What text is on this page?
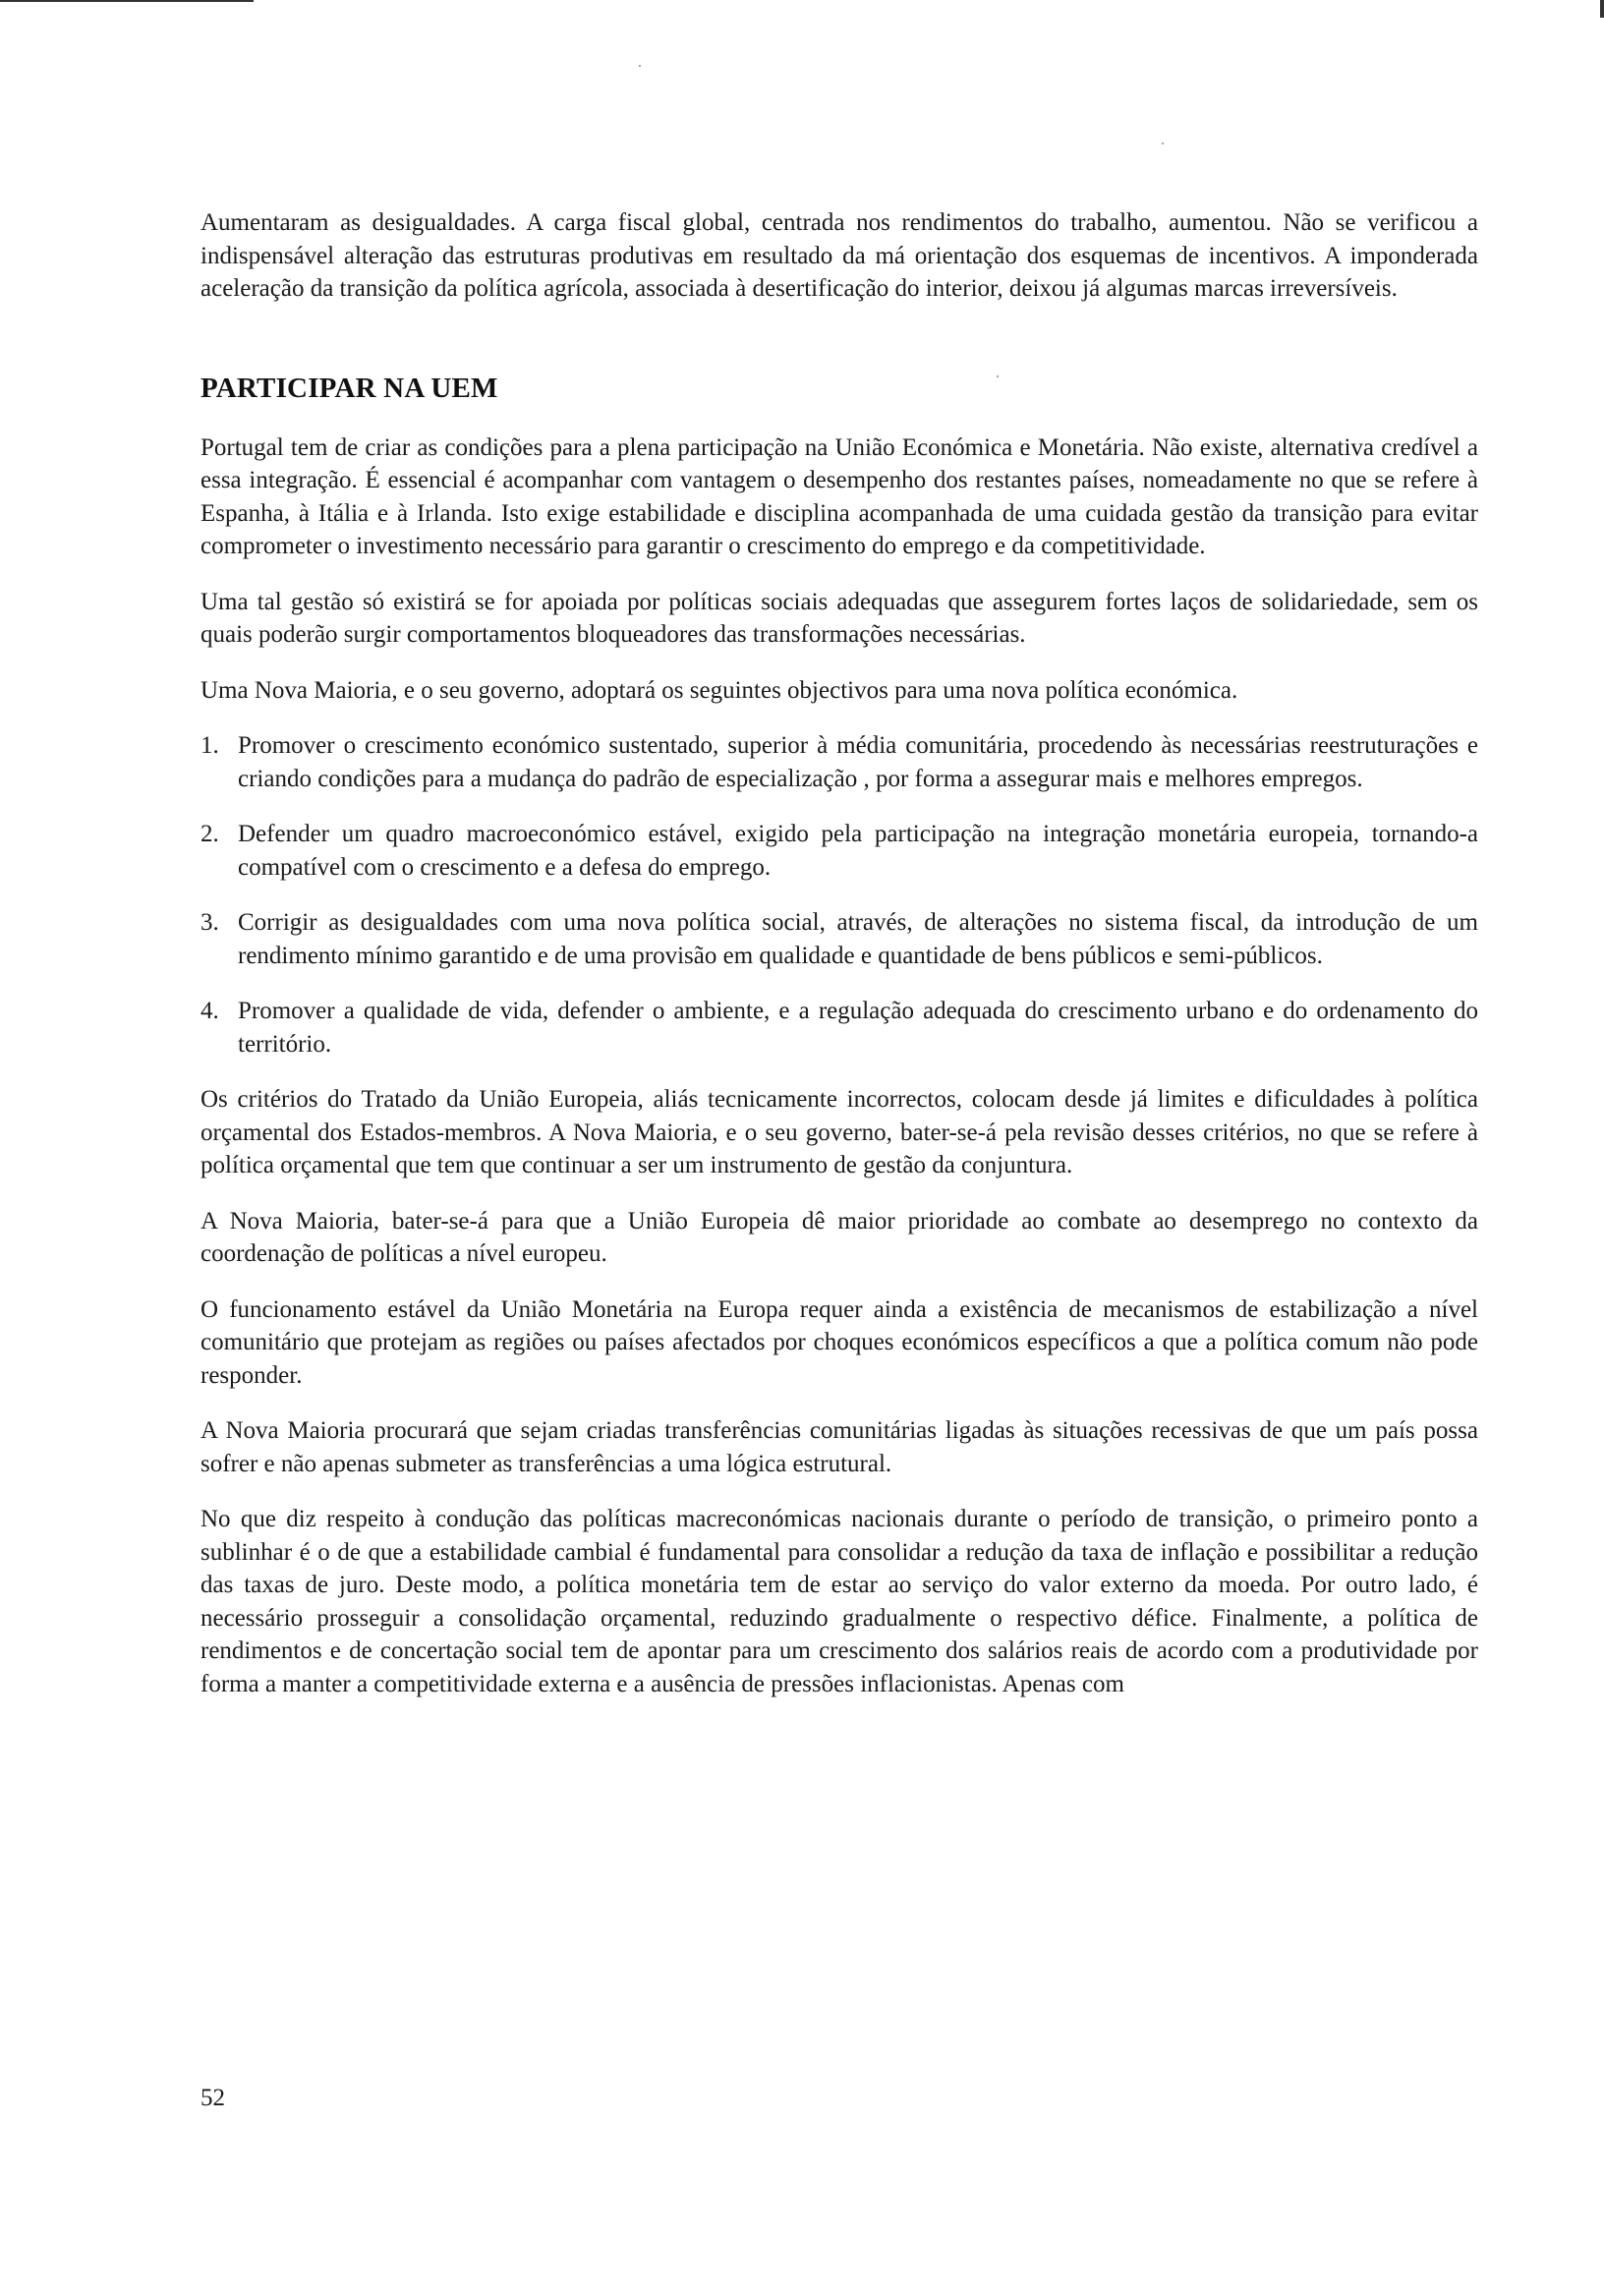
Aumentaram as desigualdades. A carga fiscal global, centrada nos rendimentos do trabalho, aumentou. Não se verificou a indispensável alteração das estruturas produtivas em resultado da má orientação dos esquemas de incentivos. A imponderada aceleração da transição da política agrícola, associada à desertificação do interior, deixou já algumas marcas irreversíveis.

PARTICIPAR NA UEM

Portugal tem de criar as condições para a plena participação na União Económica e Monetária. Não existe, alternativa credível a essa integração. É essencial é acompanhar com vantagem o desempenho dos restantes países, nomeadamente no que se refere à Espanha, à Itália e à Irlanda. Isto exige estabilidade e disciplina acompanhada de uma cuidada gestão da transição para evitar comprometer o investimento necessário para garantir o crescimento do emprego e da competitividade.

Uma tal gestão só existirá se for apoiada por políticas sociais adequadas que assegurem fortes laços de solidariedade, sem os quais poderão surgir comportamentos bloqueadores das transformações necessárias.

Uma Nova Maioria, e o seu governo, adoptará os seguintes objectivos para uma nova política económica.

1. Promover o crescimento económico sustentado, superior à média comunitária, procedendo às necessárias reestruturações e criando condições para a mudança do padrão de especialização , por forma a assegurar mais e melhores empregos.
2. Defender um quadro macroeconómico estável, exigido pela participação na integração monetária europeia, tornando-a compatível com o crescimento e a defesa do emprego.
3. Corrigir as desigualdades com uma nova política social, através, de alterações no sistema fiscal, da introdução de um rendimento mínimo garantido e de uma provisão em qualidade e quantidade de bens públicos e semi-públicos.
4. Promover a qualidade de vida, defender o ambiente, e a regulação adequada do crescimento urbano e do ordenamento do território.

Os critérios do Tratado da União Europeia, aliás tecnicamente incorrectos, colocam desde já limites e dificuldades à política orçamental dos Estados-membros. A Nova Maioria, e o seu governo, bater-se-á pela revisão desses critérios, no que se refere à política orçamental que tem que continuar a ser um instrumento de gestão da conjuntura.

A Nova Maioria, bater-se-á para que a União Europeia dê maior prioridade ao combate ao desemprego no contexto da coordenação de políticas a nível europeu.

O funcionamento estável da União Monetária na Europa requer ainda a existência de mecanismos de estabilização a nível comunitário que protejam as regiões ou países afectados por choques económicos específicos a que a política comum não pode responder.

A Nova Maioria procurará que sejam criadas transferências comunitárias ligadas às situações recessivas de que um país possa sofrer e não apenas submeter as transferências a uma lógica estrutural.

No que diz respeito à condução das políticas macreconómicas nacionais durante o período de transição, o primeiro ponto a sublinhar é o de que a estabilidade cambial é fundamental para consolidar a redução da taxa de inflação e possibilitar a redução das taxas de juro. Deste modo, a política monetária tem de estar ao serviço do valor externo da moeda. Por outro lado, é necessário prosseguir a consolidação orçamental, reduzindo gradualmente o respectivo défice. Finalmente, a política de rendimentos e de concertação social tem de apontar para um crescimento dos salários reais de acordo com a produtividade por forma a manter a competitividade externa e a ausência de pressões inflacionistas. Apenas com

52
